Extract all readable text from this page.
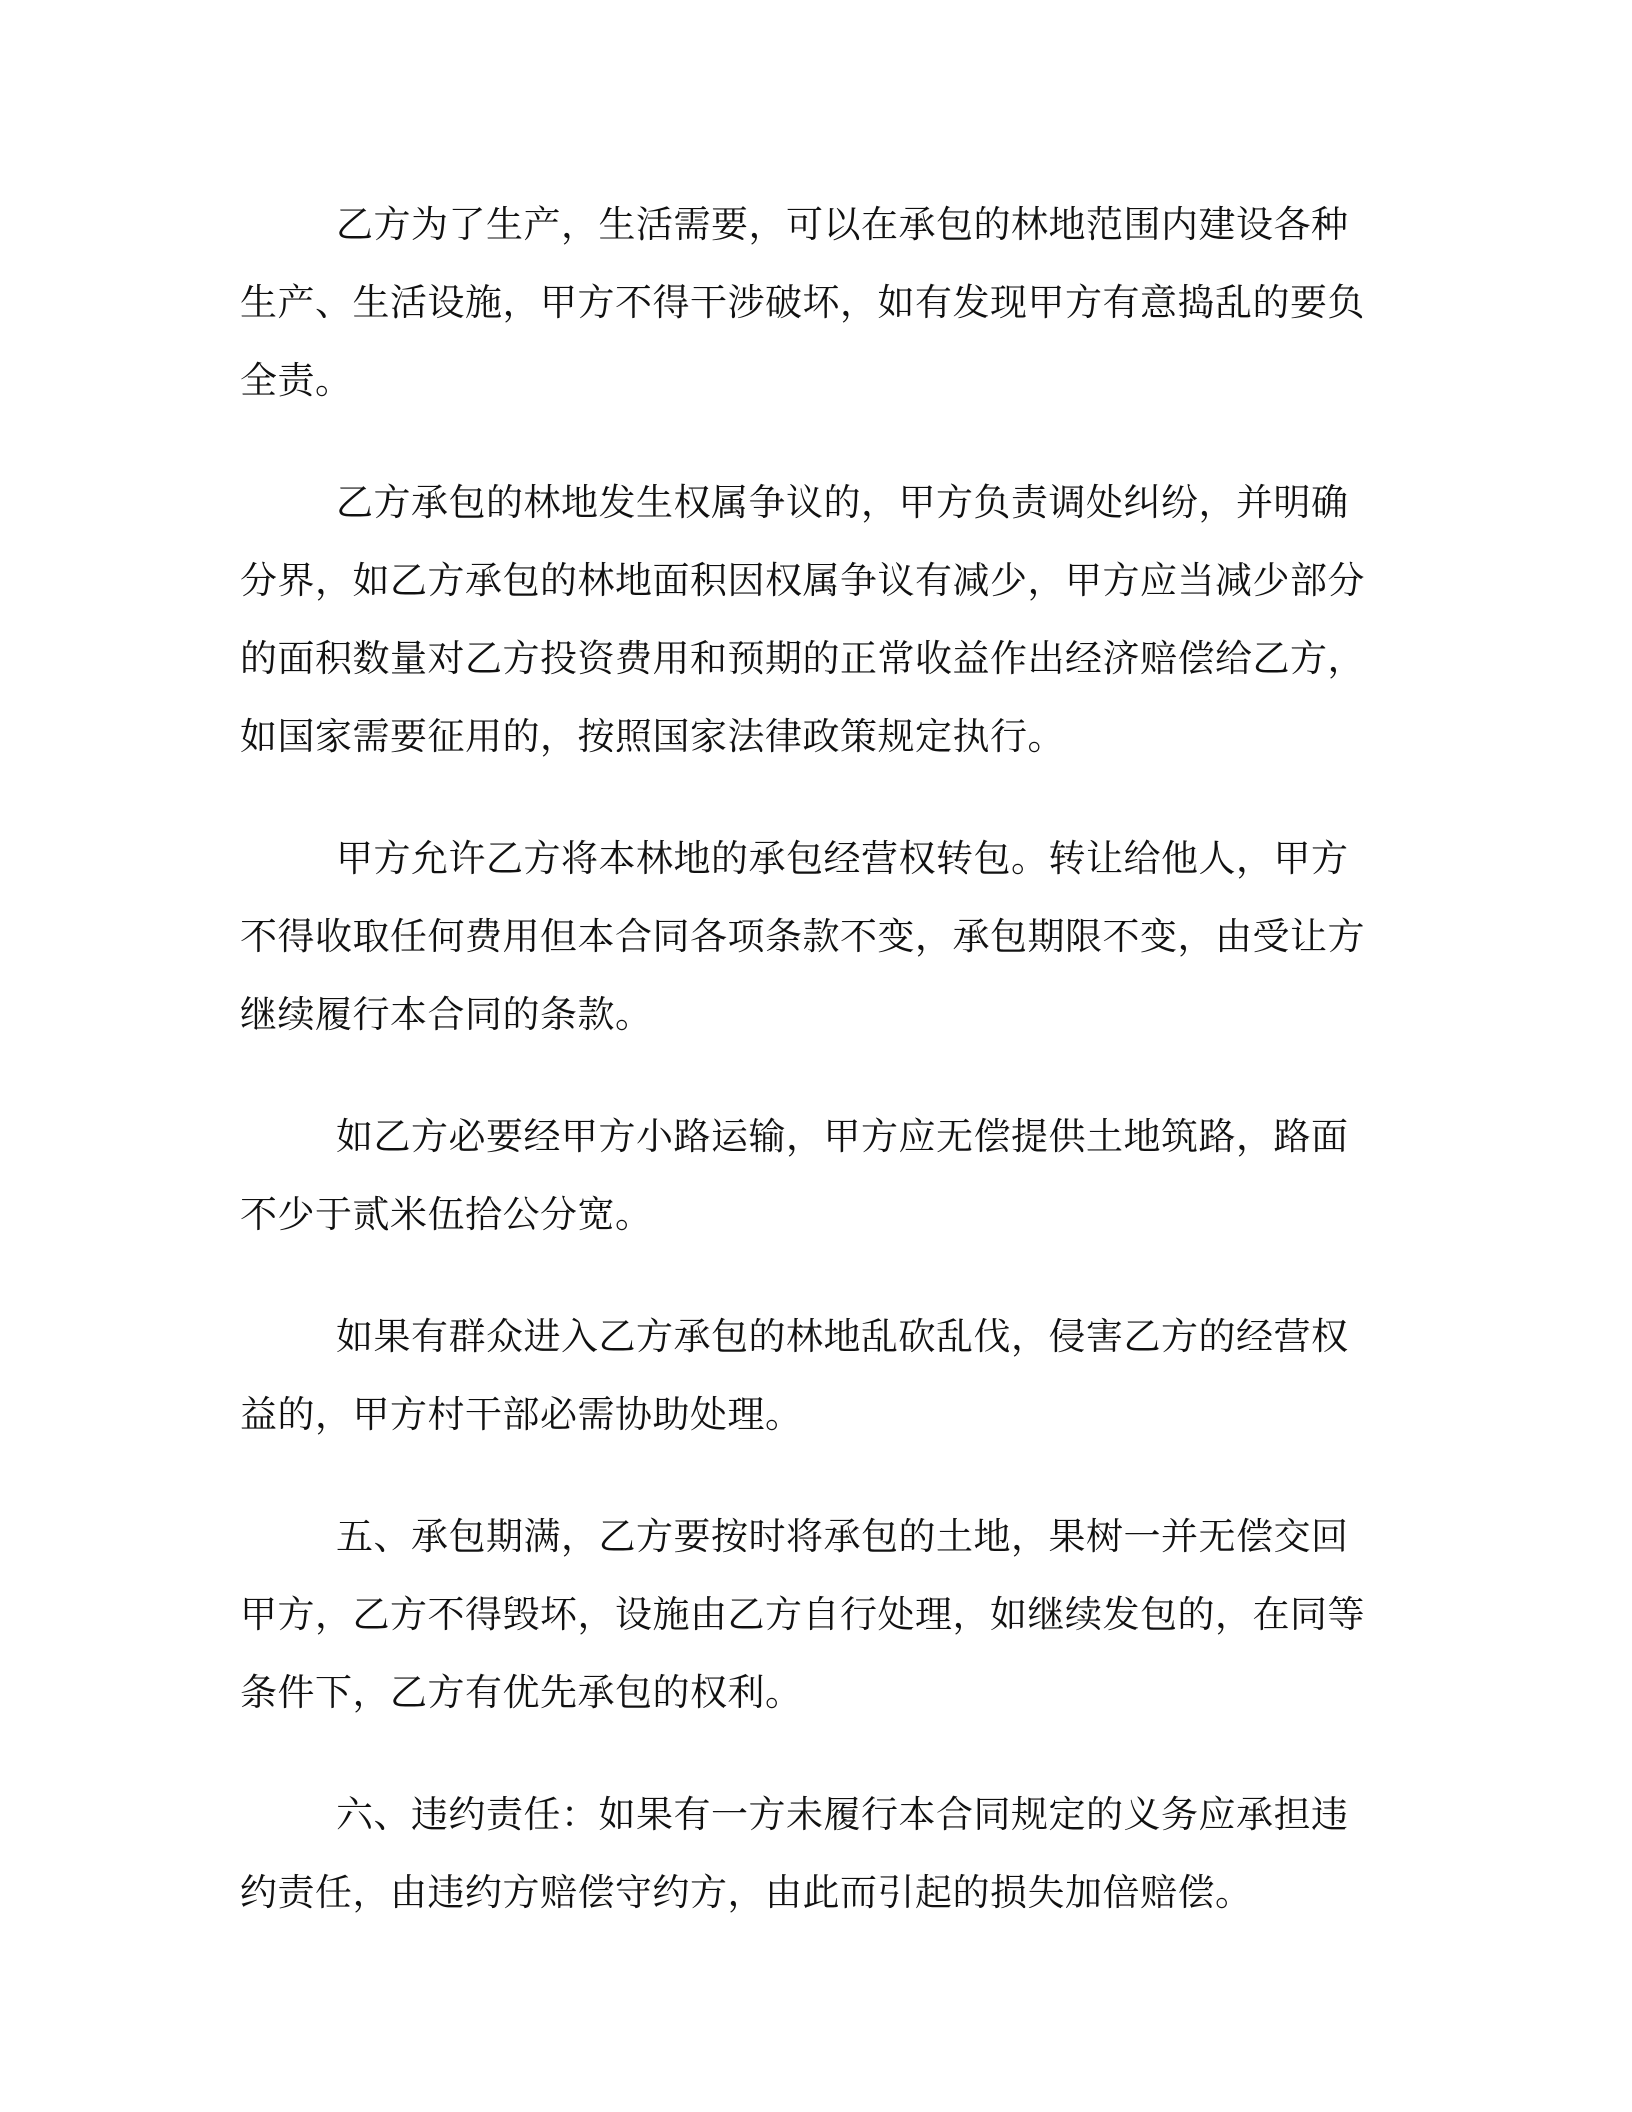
乙方为了生产，生活需要，可以在承包的林地范围内建设各种生产、生活设施，甲方不得干涉破坏，如有发现甲方有意捣乱的要负全责。

乙方承包的林地发生权属争议的，甲方负责调处纠纷，并明确分界，如乙方承包的林地面积因权属争议有减少，甲方应当减少部分的面积数量对乙方投资费用和预期的正常收益作出经济赔偿给乙方，如国家需要征用的，按照国家法律政策规定执行。

甲方允许乙方将本林地的承包经营权转包。转让给他人，甲方不得收取任何费用但本合同各项条款不变，承包期限不变，由受让方继续履行本合同的条款。

如乙方必要经甲方小路运输，甲方应无偿提供土地筑路，路面不少于贰米伍拾公分宽。

如果有群众进入乙方承包的林地乱砍乱伐，侵害乙方的经营权益的，甲方村干部必需协助处理。

五、承包期满，乙方要按时将承包的土地，果树一并无偿交回甲方，乙方不得毁坏，设施由乙方自行处理，如继续发包的，在同等条件下，乙方有优先承包的权利。

六、违约责任：如果有一方未履行本合同规定的义务应承担违约责任，由违约方赔偿守约方，由此而引起的损失加倍赔偿。
